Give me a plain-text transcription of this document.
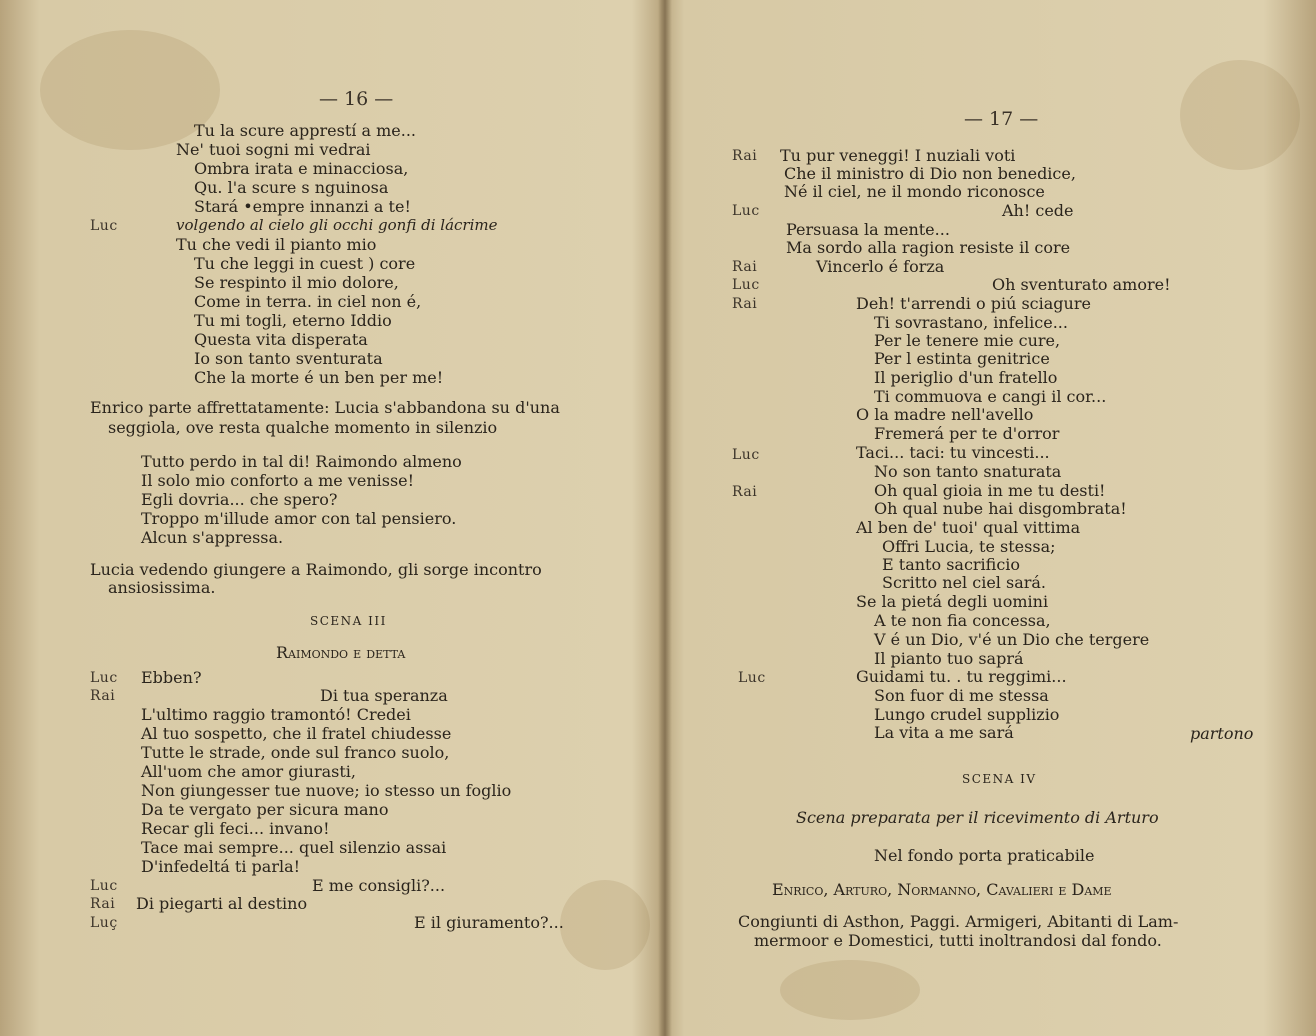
— 16 —
Tu la scure apprestí a me...
Ne' tuoi sogni mi vedrai
Ombra irata e minacciosa,
Qu. l'a scure s nguinosa
Stará •empre innanzi a te!
Luc	volgendo al cielo gli occhi gonfi di lácrime
Tu che vedi il pianto mio
Tu che leggi in cuest ) core
Se respinto il mio dolore,
Come in terra. in ciel non é,
Tu mi togli, eterno Iddio
Questa vita disperata
Io son tanto sventurata
Che la morte é un ben per me!
Enrico parte affrettatamente: Lucia s'abbandona su d'una
seggiola, ove resta qualche momento in silenzio
Tutto perdo in tal di! Raimondo almeno
Il solo mio conforto a me venisse!
Egli dovria... che spero?
Troppo m'illude amor con tal pensiero.
Alcun s'appressa.
Lucia vedendo giungere a Raimondo, gli sorge incontro
ansiosissima.
SCENA III
Raimondo e detta
Luc Ebben?
Rai	Di tua speranza
L'ultimo raggio tramontó! Credei
Al tuo sospetto, che il fratel chiudesse
Tutte le strade, onde sul franco suolo,
All'uom che amor giurasti,
Non giungesser tue nuove; io stesso un foglio
Da te vergato per sicura mano
Recar gli feci... invano!
Tace mai sempre... quel silenzio assai
D'infedeltá ti parla!
Luc	E me consigli?...
Rai Di piegarti al destino
Luç	E il giuramento?...
— 17 —
Rai Tu pur veneggi! I nuziali voti
Che il ministro di Dio non benedice,
Né il ciel, ne il mondo riconosce
Luc	Ah! cede
Persuasa la mente...
Ma sordo alla ragion resiste il core
Rai	Vincerlo é forza
Luc	Oh sventurato amore!
Rai	Deh! t'arrendi o piú sciagure
Ti sovrastano, infelice...
Per le tenere mie cure,
Per l estinta genitrice
Il periglio d'un fratello
Ti commuova e cangi il cor...
O la madre nell'avello
Fremerá per te d'orror
Luc	Taci... taci: tu vincesti...
No son tanto snaturata
Rai	Oh qual gioia in me tu desti!
Oh qual nube hai disgombrata!
Al ben de' tuoi' qual vittima
Offri Lucia, te stessa;
E tanto sacrificio
Scritto nel ciel sará.
Se la pietá degli uomini
A te non fia concessa,
V é un Dio, v'é un Dio che tergere
Il pianto tuo saprá
Luc	Guidami tu. . tu reggimi...
Son fuor di me stessa
Lungo crudel supplizio
La vita a me sará	partono
SCENA IV
Scena preparata per il ricevimento di Arturo
Nel fondo porta praticabile
Enrico, Arturo, Normanno, Cavalieri e Dame
Congiunti di Asthon, Paggi. Armigeri, Abitanti di Lam-
mermoor e Domestici, tutti inoltrandosi dal fondo.
